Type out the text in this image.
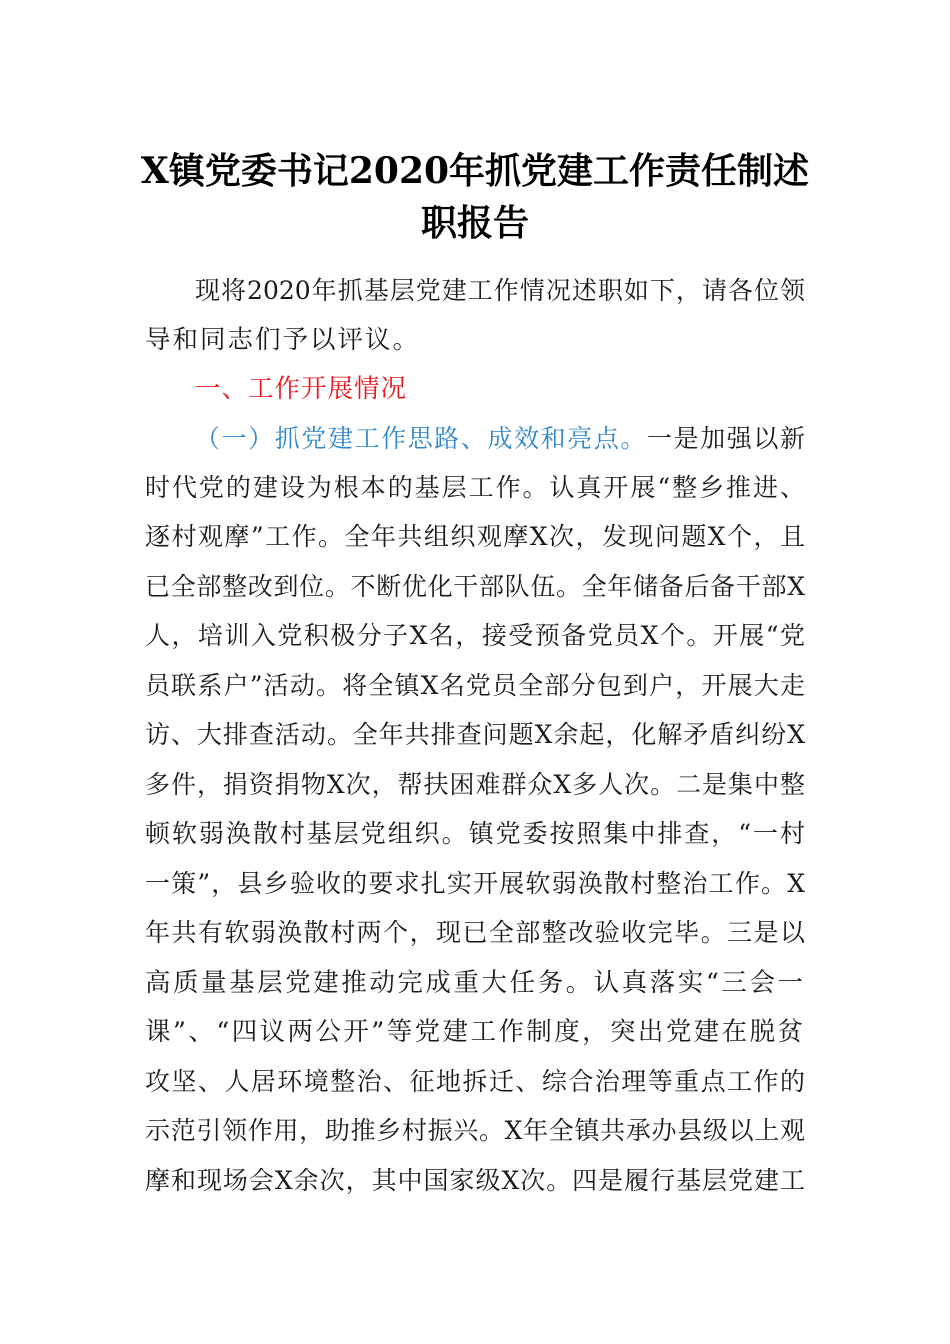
X镇党委书记2020年抓党建工作责任制述
职报告
现将2020年抓基层党建工作情况述职如下，请各位领
导和同志们予以评议。
一、工作开展情况
（一）抓党建工作思路、成效和亮点。一是加强以新
时代党的建设为根本的基层工作。认真开展“整乡推进、
逐村观摩”工作。全年共组织观摩X次，发现问题X个，且
已全部整改到位。不断优化干部队伍。全年储备后备干部X
人，培训入党积极分子X名，接受预备党员X个。开展“党
员联系户”活动。将全镇X名党员全部分包到户，开展大走
访、大排查活动。全年共排查问题X余起，化解矛盾纠纷X
多件，捐资捐物X次，帮扶困难群众X多人次。二是集中整
顿软弱涣散村基层党组织。镇党委按照集中排查，“一村
一策”，县乡验收的要求扎实开展软弱涣散村整治工作。X
年共有软弱涣散村两个，现已全部整改验收完毕。三是以
高质量基层党建推动完成重大任务。认真落实“三会一
课”、“四议两公开”等党建工作制度，突出党建在脱贫
攻坚、人居环境整治、征地拆迁、综合治理等重点工作的
示范引领作用，助推乡村振兴。X年全镇共承办县级以上观
摩和现场会X余次，其中国家级X次。四是履行基层党建工
